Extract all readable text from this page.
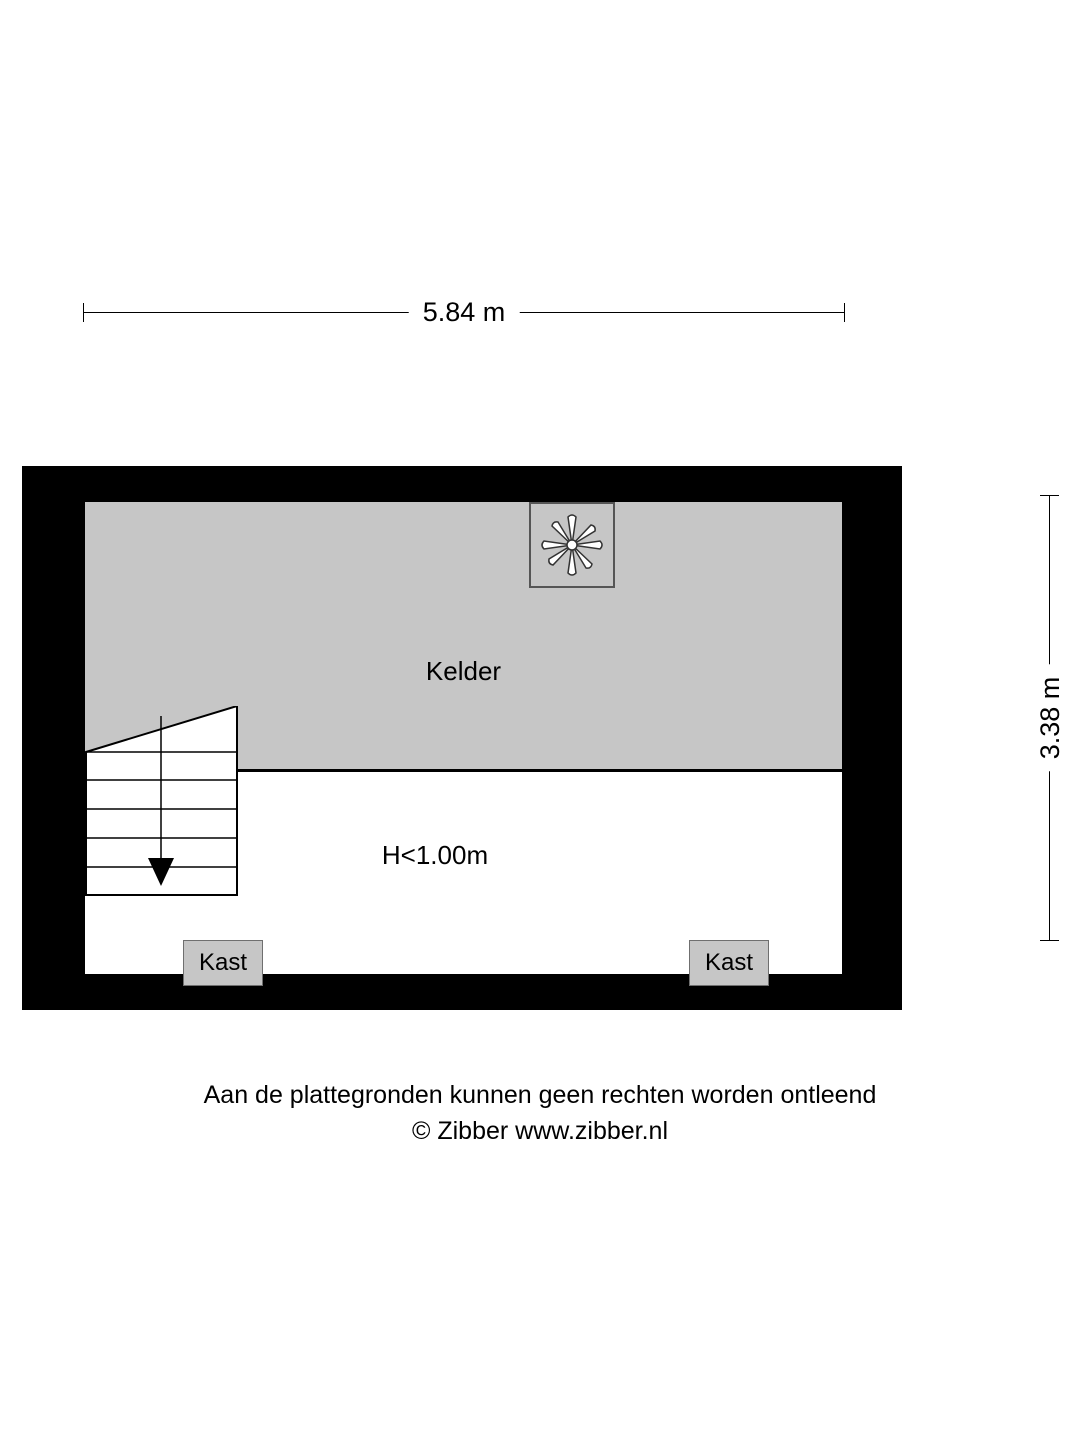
5.84 m
3.38 m
Kelder
H<1.00m
Kast	Kast
Aan de plattegronden kunnen geen rechten worden ontleend
© Zibber www.zibber.nl
